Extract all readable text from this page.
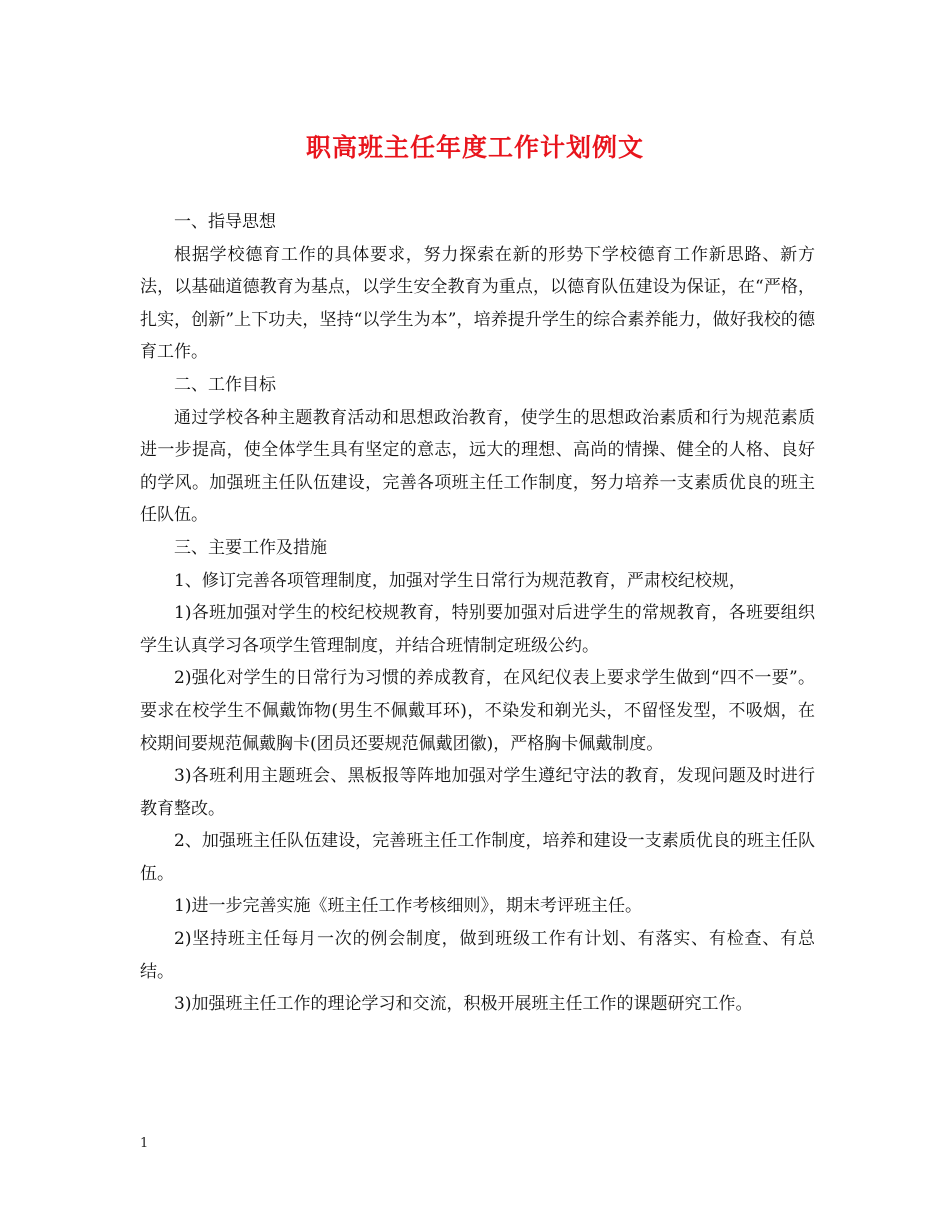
职高班主任年度工作计划例文

一、指导思想

根据学校德育工作的具体要求，努力探索在新的形势下学校德育工作新思路、新方法，以基础道德教育为基点，以学生安全教育为重点，以德育队伍建设为保证，在“严格，扎实，创新”上下功夫，坚持“以学生为本”，培养提升学生的综合素养能力，做好我校的德育工作。

二、工作目标

通过学校各种主题教育活动和思想政治教育，使学生的思想政治素质和行为规范素质进一步提高，使全体学生具有坚定的意志，远大的理想、高尚的情操、健全的人格、良好的学风。加强班主任队伍建设，完善各项班主任工作制度，努力培养一支素质优良的班主任队伍。

三、主要工作及措施

1、修订完善各项管理制度，加强对学生日常行为规范教育，严肃校纪校规，

1)各班加强对学生的校纪校规教育，特别要加强对后进学生的常规教育，各班要组织学生认真学习各项学生管理制度，并结合班情制定班级公约。

2)强化对学生的日常行为习惯的养成教育，在风纪仪表上要求学生做到“四不一要”。要求在校学生不佩戴饰物(男生不佩戴耳环)，不染发和剃光头，不留怪发型，不吸烟，在校期间要规范佩戴胸卡(团员还要规范佩戴团徽)，严格胸卡佩戴制度。

3)各班利用主题班会、黑板报等阵地加强对学生遵纪守法的教育，发现问题及时进行教育整改。

2、加强班主任队伍建设，完善班主任工作制度，培养和建设一支素质优良的班主任队伍。

1)进一步完善实施《班主任工作考核细则》，期末考评班主任。

2)坚持班主任每月一次的例会制度，做到班级工作有计划、有落实、有检查、有总结。

3)加强班主任工作的理论学习和交流，积极开展班主任工作的课题研究工作。

1
